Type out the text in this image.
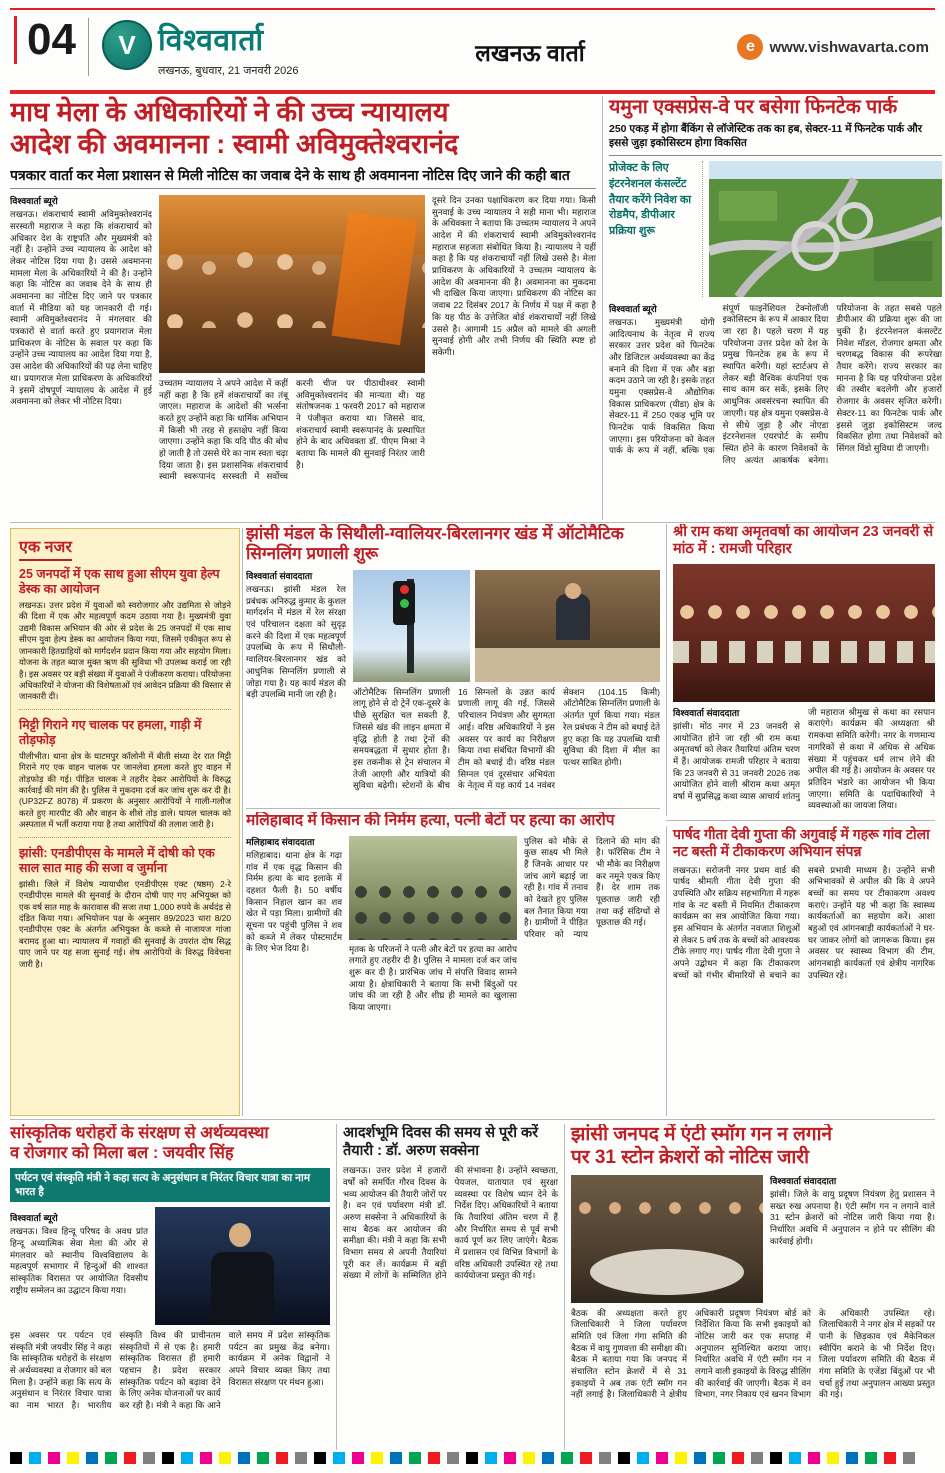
04	V विश्ववार्ता
लखनऊ, बुधवार, 21 जनवरी 2026
लखनऊ वार्ता	e www.vishwavarta.com
माघ मेला के अधिकारियों ने की उच्च न्यायालय
आदेश की अवमानना : स्वामी अविमुक्तेश्वरानंद
पत्रकार वार्ता कर मेला प्रशासन से मिली नोटिस का जवाब देने के साथ ही अवमानना नोटिस दिए जाने की कही बात
विश्ववार्ता ब्यूरो
लखनऊ। शंकराचार्य स्वामी अविमुक्तेश्वरानंद सरस्वती महाराज ने कहा कि शंकराचार्य को अधिकार देश के राष्ट्रपति और मुख्यमंत्री को नहीं है। उन्होंने उच्च न्यायालय के आदेश को लेकर नोटिस दिया गया है। उससे अवमानना मामला मेला के अधिकारियों ने की है। उन्होंने कहा कि नोटिस का जवाब देने के साथ ही अवमानना का नोटिस दिए जाने पर पत्रकार वार्ता में मीडिया को यह जानकारी दी गई। स्वामी अविमुक्तेश्वरानंद ने मंगलवार की पत्रकारों से वार्ता करते हुए प्रयागराज मेला प्राधिकरण के नोटिस के सवाल पर कहा कि उन्होंने उच्च न्यायालय का आदेश दिया गया है, उस आदेश की अधिकारियों की पढ़ लेना चाहिए था। प्रयागराज मेला प्राधिकरण के अधिकारियों ने इसमें दोषपूर्ण न्यायालय के आदेश में हुई अवमानना को लेकर भी नोटिस दिया।
उच्चतम न्यायालय ने अपने आदेश में कहीं नहीं कहा है कि हमें शंकराचार्यों का तंबू जाएल। महाराज के आदेशों की भर्त्सना करते हुए उन्होंने कहा कि धार्मिक अभियान में किसी भी तरह से हस्तक्षेप नहीं किया जाएगा। उन्होंने कहा कि यदि पीठ की बोध हो जाती है तो उससे घेरे का नाम स्वतः चढ़ा दिया जाता है। इस प्रशासनिक शंकराचार्य स्वामी स्वरूपानंद सरस्वती में सर्वोच्च करनी चीज पर पीठाधीश्वर स्वामी अविमुक्तेश्वरानंद की मान्यता थी। यह संतोषजनक 1 फरवरी 2017 को महाराज ने पंजीकृत कराया था। जिससे वाद, शंकराचार्य स्वामी स्वरूपानंद के प्रस्थापित होने के बाद अधिवक्ता डॉ. पीएम मिश्रा ने बताया कि मामले की सुनवाई निरंतर जारी है।
दूसरे दिन उनका पक्षाधिकरण कर दिया गया। किसी सुनवाई के उच्च न्यायालय ने सही माना भी। महाराज के अधिवक्ता ने बताया कि उच्चतम न्यायालय ने अपने आदेश में की शंकराचार्य स्वामी अविमुक्तेश्वरानंद महाराज सहजता संबोधित किया है। न्यायालय ने यहीं कहा है कि यह शंकराचार्यों नहीं लिखे उससे है। मेला प्राधिकरण के अधिकारियों ने उच्चतम न्यायालय के आदेश की अवमानना की है। अवमानना का मुकदमा भी दाखिल किया जाएगा। प्राधिकरण की नोटिस का जवाब 22 दिसंबर 2017 के निर्णय में पक्ष में कहा है कि यह पीठ के उत्तेजित बोर्ड शंकराचार्यों नहीं लिखे उससे है। आगामी 15 अप्रैल को मामले की अगली सुनवाई होगी और तभी निर्णय की स्थिति स्पष्ट हो सकेगी।
यमुना एक्सप्रेस-वे पर बसेगा फिनटेक पार्क
250 एकड़ में होगा बैंकिंग से लॉजेस्टिक तक का हब, सेक्टर-11 में फिनटेक पार्क और इससे जुड़ा इकोसिस्टम होगा विकसित
प्रोजेक्ट के लिए इंटरनेशनल कंसल्टेंट तैयार करेंगे निवेश का रोडमैप, डीपीआर प्रक्रिया शुरू
विश्ववार्ता ब्यूरो
लखनऊ। मुख्यमंत्री योगी आदित्यनाथ के नेतृत्व में राज्य सरकार उत्तर प्रदेश को फिनटेक और डिजिटल अर्थव्यवस्था का केंद्र बनाने की दिशा में एक और बड़ा कदम उठाने जा रही है। इसके तहत यमुना एक्सप्रेस-वे औद्योगिक विकास प्राधिकरण (यीडा) क्षेत्र के सेक्टर-11 में 250 एकड़ भूमि पर फिनटेक पार्क विकसित किया जाएगा। इस परियोजना को केवल पार्क के रूप में नहीं, बल्कि एक संपूर्ण फाइनेंशियल टेक्नोलॉजी इकोसिस्टम के रूप में आकार दिया जा रहा है। पहले चरण में यह परियोजना उत्तर प्रदेश को देश के प्रमुख फिनटेक हब के रूप में स्थापित करेगी। यहां स्टार्टअप से लेकर बड़ी वैश्विक कंपनियां एक साथ काम कर सकें, इसके लिए आधुनिक अवसंरचना स्थापित की जाएगी। यह क्षेत्र यमुना एक्सप्रेस-वे से सीधे जुड़ा है और नोएडा इंटरनेशनल एयरपोर्ट के समीप स्थित होने के कारण निवेशकों के लिए अत्यंत आकर्षक बनेगा। परियोजना के तहत सबसे पहले डीपीआर की प्रक्रिया शुरू की जा चुकी है। इंटरनेशनल कंसल्टेंट निवेश मॉडल, रोजगार क्षमता और चरणबद्ध विकास की रूपरेखा तैयार करेंगे। राज्य सरकार का मानना है कि यह परियोजना प्रदेश की तस्वीर बदलेगी और हजारों रोजगार के अवसर सृजित करेगी। सेक्टर-11 का फिनटेक पार्क और इससे जुड़ा इकोसिस्टम जल्द विकसित होगा तथा निवेशकों को सिंगल विंडो सुविधा दी जाएगी।
एक नजर
25 जनपदों में एक साथ हुआ सीएम युवा हेल्प डेस्क का आयोजन
लखनऊ। उत्तर प्रदेश में युवाओं को स्वरोजगार और उद्यमिता से जोड़ने की दिशा में एक और महत्वपूर्ण कदम उठाया गया है। मुख्यमंत्री युवा उद्यमी विकास अभियान की ओर से प्रदेश के 25 जनपदों में एक साथ सीएम युवा हेल्प डेस्क का आयोजन किया गया, जिसमें एकीकृत रूप से जानकारी हितग्राहियों को मार्गदर्शन प्रदान किया गया और सहयोग मिला। योजना के तहत ब्याज मुक्त ऋण की सुविधा भी उपलब्ध कराई जा रही है। इस अवसर पर बड़ी संख्या में युवाओं ने पंजीकरण कराया। परियोजना अधिकारियों ने योजना की विशेषताओं एवं आवेदन प्रक्रिया की विस्तार से जानकारी दी।
मिट्टी गिराने गए चालक पर हमला, गाड़ी में तोड़फोड़
पीलीभीत। थाना क्षेत्र के घाटमपुर कॉलोनी में बीती संध्या देर रात मिट्टी गिराने गए एक वाहन चालक पर जानलेवा हमला करते हुए वाहन में तोड़फोड़ की गई। पीड़ित चालक ने तहरीर देकर आरोपियों के विरुद्ध कार्रवाई की मांग की है। पुलिस ने मुकदमा दर्ज कर जांच शुरू कर दी है। (UP32FZ 8078) में प्रकरण के अनुसार आरोपियों ने गाली-गलौज करते हुए मारपीट की और वाहन के शीशे तोड़ डाले। घायल चालक को अस्पताल में भर्ती कराया गया है तथा आरोपियों की तलाश जारी है।
झांसी: एनडीपीएस के मामले में दोषी को एक साल सात माह की सजा व जुर्माना
झांसी। जिले में विशेष न्यायाधीश एनडीपीएस एक्ट (षष्ठम) 2-रे एनडीपीएस मामले की सुनवाई के दौरान दोषी पाए गए अभियुक्त को एक वर्ष सात माह के कारावास की सजा तथा 1,000 रुपये के अर्थदंड से दंडित किया गया। अभियोजन पक्ष के अनुसार 89/2023 धारा 8/20 एनडीपीएस एक्ट के अंतर्गत अभियुक्त के कब्जे से नाजायज गांजा बरामद हुआ था। न्यायालय में गवाहों की सुनवाई के उपरांत दोष सिद्ध पाए जाने पर यह सजा सुनाई गई। शेष आरोपियों के विरुद्ध विवेचना जारी है।
झांसी मंडल के सिथौली-ग्वालियर-बिरलानगर खंड में ऑटोमैटिक सिग्नलिंग प्रणाली शुरू
विश्ववार्ता संवाददाता
लखनऊ। झांसी मंडल रेल प्रबंधक अनिरुद्ध कुमार के कुशल मार्गदर्शन में मंडल में रेल संरक्षा एवं परिचालन दक्षता को सुदृढ़ करने की दिशा में एक महत्वपूर्ण उपलब्धि के रूप में सिथौली-ग्वालियर-बिरलानगर खंड को आधुनिक सिग्नलिंग प्रणाली से जोड़ा गया है। यह कार्य मंडल की बड़ी उपलब्धि मानी जा रही है।	ऑटोमैटिक सिग्नलिंग प्रणाली लागू होने से दो ट्रेनें एक-दूसरे के पीछे सुरक्षित चल सकती हैं, जिससे खंड की लाइन क्षमता में वृद्धि होती है तथा ट्रेनों की समयबद्धता में सुधार होता है। इस तकनीक से ट्रेन संचालन में तेजी आएगी और यात्रियों की सुविधा बढ़ेगी। स्टेशनों के बीच 16 सिग्नलों के उन्नत कार्य प्रणाली लागू की गई, जिससे परिचालन नियंत्रण और सुगमता आई। वरिष्ठ अधिकारियों ने इस अवसर पर कार्य का निरीक्षण किया तथा संबंधित विभागों की टीम को बधाई दी। वरिष्ठ मंडल सिग्नल एवं दूरसंचार अभियंता के नेतृत्व में यह कार्य 14 नवंबर सेक्शन (104.15 किमी) ऑटोमैटिक सिग्नलिंग प्रणाली के अंतर्गत पूर्ण किया गया। मंडल रेल प्रबंधक ने टीम को बधाई देते हुए कहा कि यह उपलब्धि यात्री सुविधा की दिशा में मील का पत्थर साबित होगी।
श्री राम कथा अमृतवर्षा का आयोजन 23 जनवरी से मांठ में : रामजी परिहार
विश्ववार्ता संवाददाता
झांसी। मोंठ नगर में 23 जनवरी से आयोजित होने जा रही श्री राम कथा अमृतवर्षा को लेकर तैयारियां अंतिम चरण में हैं। आयोजक रामजी परिहार ने बताया कि 23 जनवरी से 31 जनवरी 2026 तक आयोजित होने वाली श्रीराम कथा अमृत वर्षा में सुप्रसिद्ध कथा व्यास आचार्य शांतनु जी महाराज श्रीमुख से कथा का रसपान कराएंगे। कार्यक्रम की अध्यक्षता श्री रामकथा समिति करेगी। नगर के गणमान्य नागरिकों से कथा में अधिक से अधिक संख्या में पहुंचकर धर्म लाभ लेने की अपील की गई है। आयोजन के अवसर पर प्रतिदिन भंडारे का आयोजन भी किया जाएगा। समिति के पदाधिकारियों ने व्यवस्थाओं का जायजा लिया।
मलिहाबाद में किसान की निर्मम हत्या, पत्नी बेटों पर हत्या का आरोप
मलिहाबाद संवाददाता
मलिहाबाद। थाना क्षेत्र के गढ़ा गांव में एक वृद्ध किसान की निर्मम हत्या के बाद इलाके में दहशत फैली है। 50 वर्षीय किसान निहाल खान का शव खेत में पड़ा मिला। ग्रामीणों की सूचना पर पहुंची पुलिस ने शव को कब्जे में लेकर पोस्टमार्टम के लिए भेज दिया है।	मृतक के परिजनों ने पत्नी और बेटों पर हत्या का आरोप लगाते हुए तहरीर दी है। पुलिस ने मामला दर्ज कर जांच शुरू कर दी है। प्रारंभिक जांच में संपत्ति विवाद सामने आया है। क्षेत्राधिकारी ने बताया कि सभी बिंदुओं पर जांच की जा रही है और शीघ्र ही मामले का खुलासा किया जाएगा।
पुलिस को मौके से कुछ साक्ष्य भी मिले हैं जिनके आधार पर जांच आगे बढ़ाई जा रही है। गांव में तनाव को देखते हुए पुलिस बल तैनात किया गया है। ग्रामीणों ने पीड़ित परिवार को न्याय दिलाने की मांग की है। फॉरेंसिक टीम ने भी मौके का निरीक्षण कर नमूने एकत्र किए हैं। देर शाम तक पूछताछ जारी रही तथा कई संदिग्धों से पूछताछ की गई।
पार्षद गीता देवी गुप्ता की अगुवाई में गहरू गांव टोला नट बस्ती में टीकाकरण अभियान संपन्न
लखनऊ। सरोजनी नगर प्रथम वार्ड की पार्षद श्रीमती गीता देवी गुप्ता की उपस्थिति और सक्रिय सहभागिता में गहरू गांव के नट बस्ती में नियमित टीकाकरण कार्यक्रम का सत्र आयोजित किया गया। इस अभियान के अंतर्गत नवजात शिशुओं से लेकर 5 वर्ष तक के बच्चों को आवश्यक टीके लगाए गए। पार्षद गीता देवी गुप्ता ने अपने उद्बोधन में कहा कि टीकाकरण बच्चों को गंभीर बीमारियों से बचाने का सबसे प्रभावी माध्यम है। उन्होंने सभी अभिभावकों से अपील की कि वे अपने बच्चों का समय पर टीकाकरण अवश्य कराएं। उन्होंने यह भी कहा कि स्वास्थ्य कार्यकर्ताओं का सहयोग करें। आशा बहुओं एवं आंगनबाड़ी कार्यकर्ताओं ने घर-घर जाकर लोगों को जागरूक किया। इस अवसर पर स्वास्थ्य विभाग की टीम, आंगनबाड़ी कार्यकर्ता एवं क्षेत्रीय नागरिक उपस्थित रहे।
सांस्कृतिक धरोहरों के संरक्षण से अर्थव्यवस्था
व रोजगार को मिला बल : जयवीर सिंह
पर्यटन एवं संस्कृति मंत्री ने कहा सत्य के अनुसंधान व निरंतर विचार यात्रा का नाम भारत है
विश्ववार्ता ब्यूरो
लखनऊ। विश्व हिन्दू परिषद के अवध प्रांत हिन्दू अध्यात्मिक सेवा मेला की ओर से मंगलवार को स्थानीय विश्वविद्यालय के महत्वपूर्ण सभागार में हिन्दुओं की शाश्वत सांस्कृतिक विरासत पर आयोजित दिवसीय राष्ट्रीय सम्मेलन का उद्घाटन किया गया।
इस अवसर पर पर्यटन एवं संस्कृति मंत्री जयवीर सिंह ने कहा कि सांस्कृतिक धरोहरों के संरक्षण से अर्थव्यवस्था व रोजगार को बल मिला है। उन्होंने कहा कि सत्य के अनुसंधान व निरंतर विचार यात्रा का नाम भारत है। भारतीय संस्कृति विश्व की प्राचीनतम संस्कृतियों में से एक है। हमारी सांस्कृतिक विरासत ही हमारी पहचान है। प्रदेश सरकार सांस्कृतिक पर्यटन को बढ़ावा देने के लिए अनेक योजनाओं पर कार्य कर रही है। मंत्री ने कहा कि आने वाले समय में प्रदेश सांस्कृतिक पर्यटन का प्रमुख केंद्र बनेगा। कार्यक्रम में अनेक विद्वानों ने अपने विचार व्यक्त किए तथा विरासत संरक्षण पर मंथन हुआ।
आदर्शभूमि दिवस की समय से पूरी करें तैयारी : डॉ. अरुण सक्सेना
लखनऊ। उत्तर प्रदेश में हजारों वर्षों को समर्पित गौरव दिवस के भव्य आयोजन की तैयारी जोरों पर है। वन एवं पर्यावरण मंत्री डॉ. अरुण सक्सेना ने अधिकारियों के साथ बैठक कर आयोजन की समीक्षा की। मंत्री ने कहा कि सभी विभाग समय से अपनी तैयारियां पूरी कर लें। कार्यक्रम में बड़ी संख्या में लोगों के सम्मिलित होने की संभावना है। उन्होंने स्वच्छता, पेयजल, यातायात एवं सुरक्षा व्यवस्था पर विशेष ध्यान देने के निर्देश दिए। अधिकारियों ने बताया कि तैयारियां अंतिम चरण में हैं और निर्धारित समय से पूर्व सभी कार्य पूर्ण कर लिए जाएंगे। बैठक में प्रशासन एवं विभिन्न विभागों के वरिष्ठ अधिकारी उपस्थित रहे तथा कार्ययोजना प्रस्तुत की गई।
झांसी जनपद में एंटी स्मॉग गन न लगाने
पर 31 स्टोन क्रेशरों को नोटिस जारी
विश्ववार्ता संवाददाता
झांसी। जिले के वायु प्रदूषण नियंत्रण हेतु प्रशासन ने सख्त रुख अपनाया है। एंटी स्मॉग गन न लगाने वाले 31 स्टोन क्रेशरों को नोटिस जारी किया गया है। निर्धारित अवधि में अनुपालन न होने पर सीलिंग की कार्रवाई होगी।
बैठक की अध्यक्षता करते हुए जिलाधिकारी ने जिला पर्यावरण समिति एवं जिला गंगा समिति की बैठक में वायु गुणवत्ता की समीक्षा की। बैठक में बताया गया कि जनपद में संचालित स्टोन क्रेशरों में से 31 इकाइयों ने अब तक एंटी स्मॉग गन नहीं लगाई है। जिलाधिकारी ने क्षेत्रीय अधिकारी प्रदूषण नियंत्रण बोर्ड को निर्देशित किया कि सभी इकाइयों को नोटिस जारी कर एक सप्ताह में अनुपालन सुनिश्चित कराया जाए। निर्धारित अवधि में एंटी स्मॉग गन न लगाने वाली इकाइयों के विरुद्ध सीलिंग की कार्रवाई की जाएगी। बैठक में वन विभाग, नगर निकाय एवं खनन विभाग के अधिकारी उपस्थित रहे। जिलाधिकारी ने नगर क्षेत्र में सड़कों पर पानी के छिड़काव एवं मैकेनिकल स्वीपिंग कराने के भी निर्देश दिए। जिला पर्यावरण समिति की बैठक में गंगा समिति के एजेंडा बिंदुओं पर भी चर्चा हुई तथा अनुपालन आख्या प्रस्तुत की गई।
